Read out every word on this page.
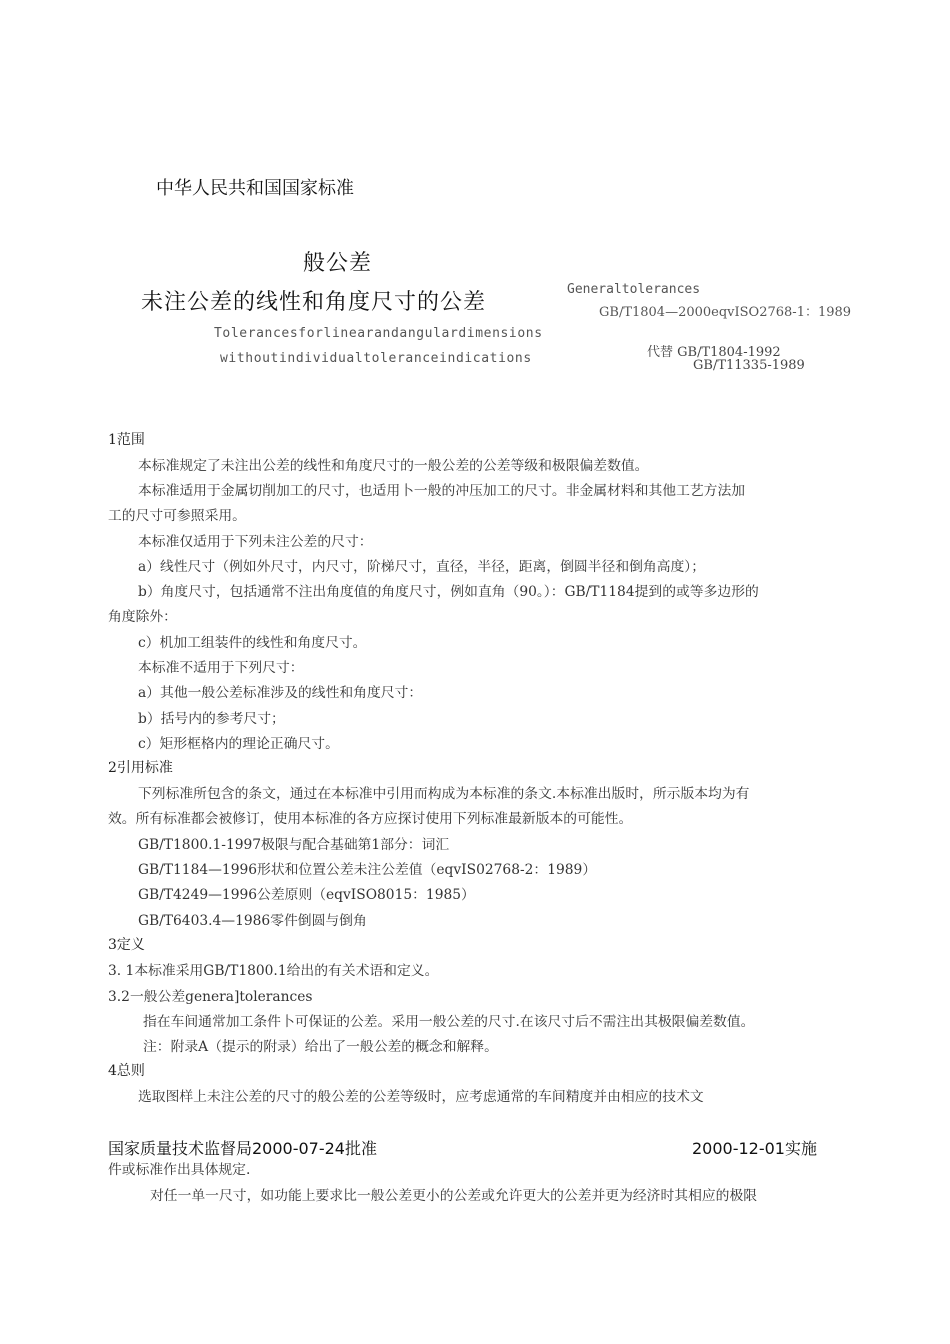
中华人民共和国国家标准
般公差
未注公差的线性和角度尺寸的公差
Generaltolerances
GB/T1804—2000eqvISO2768-1：1989
Tolerancesforlinearandangulardimensions
withoutindividualtoleranceindications	代替 GB/T1804-1992
GB/T11335-1989
1范围
本标准规定了未注出公差的线性和角度尺寸的一般公差的公差等级和极限偏差数值。
本标准适用于金属切削加工的尺寸，也适用卜一般的冲压加工的尺寸。非金属材料和其他工艺方法加
工的尺寸可参照采用。
本标准仅适用于下列未注公差的尺寸：
a）线性尺寸（例如外尺寸，内尺寸，阶梯尺寸，直径，半径，距离，倒圆半径和倒角高度）；
b）角度尺寸，包括通常不注出角度值的角度尺寸，例如直角（90。）：GB/T1184提到的或等多边形的
角度除外：
c）机加工组装件的线性和角度尺寸。
本标准不适用于下列尺寸：
a）其他一般公差标准涉及的线性和角度尺寸：
b）括号内的参考尺寸；
c）矩形框格内的理论正确尺寸。
2引用标准
下列标准所包含的条文，通过在本标准中引用而构成为本标准的条文.本标准出版时，所示版本均为有
效。所有标准都会被修订，使用本标准的各方应探讨使用下列标准最新版本的可能性。
GB/T1800.1-1997极限与配合基础第1部分：词汇
GB/T1184—1996形状和位置公差未注公差值（eqvIS02768-2：1989）
GB/T4249—1996公差原则（eqvISO8015：1985）
GB/T6403.4—1986零件倒圆与倒角
3定义
3. 1本标准采用GB/T1800.1给出的有关术语和定义。
3.2一般公差genera]tolerances
指在车间通常加工条件卜可保证的公差。采用一般公差的尺寸.在该尺寸后不需注出其极限偏差数值。
注：附录A（提示的附录）给出了一般公差的概念和解释。
4总则
选取图样上未注公差的尺寸的般公差的公差等级时，应考虑通常的车间精度并由相应的技术文
国家质量技术监督局2000-07-24批准	2000-12-01实施
件或标准作出具体规定.
对任一单一尺寸，如功能上要求比一般公差更小的公差或允许更大的公差并更为经济时其相应的极限
